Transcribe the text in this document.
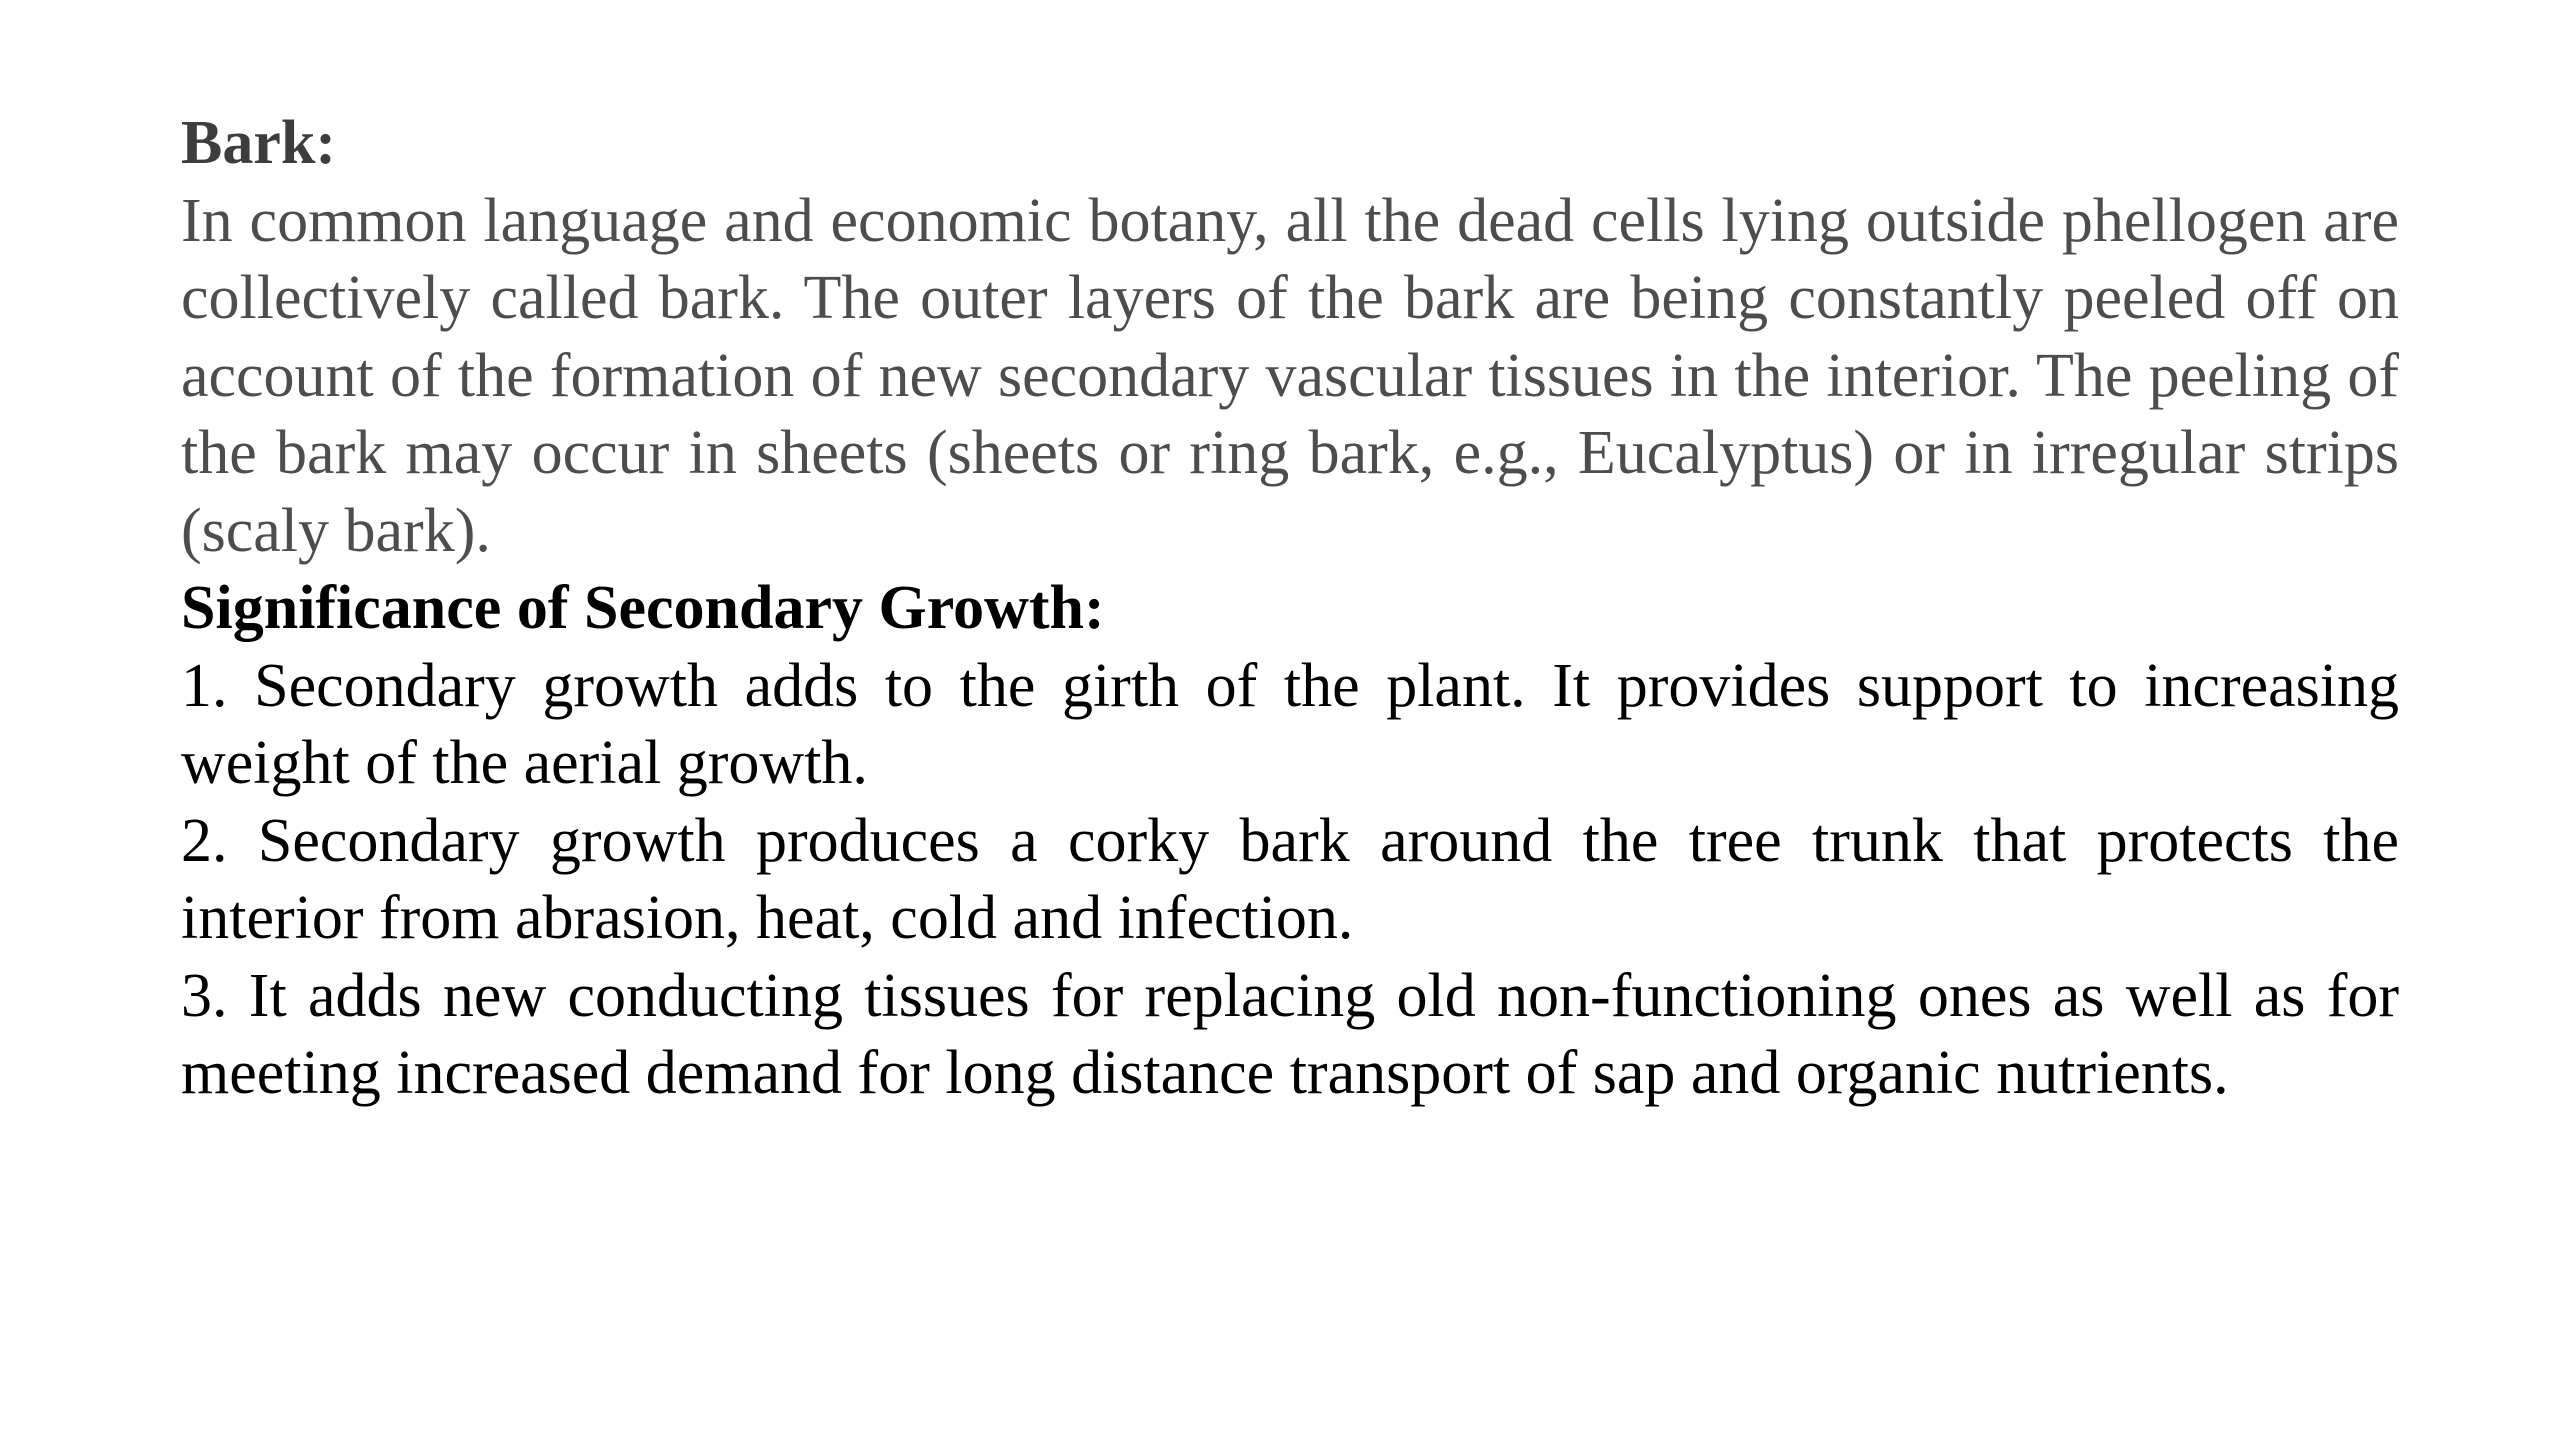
Bark:

In common language and economic botany, all the dead cells lying outside phellogen are collectively called bark. The outer layers of the bark are being constantly peeled off on account of the formation of new secondary vascular tissues in the interior. The peeling of the bark may occur in sheets (sheets or ring bark, e.g., Eucalyptus) or in irregular strips (scaly bark).

Significance of Secondary Growth:

1. Secondary growth adds to the girth of the plant. It provides support to increasing weight of the aerial growth.

2. Secondary growth produces a corky bark around the tree trunk that protects the interior from abrasion, heat, cold and infection.

3. It adds new conducting tissues for replacing old non-functioning ones as well as for meeting increased demand for long distance transport of sap and organic nutrients.
